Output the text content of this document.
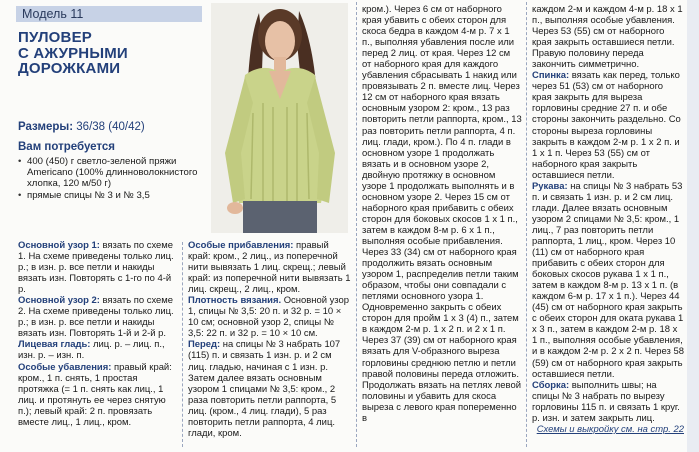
Модель 11
ПУЛОВЕР
С АЖУРНЫМИ
ДОРОЖКАМИ
Размеры: 36/38 (40/42)
Вам потребуется
• 400 (450) г светло-зеленой пряжи Americano (100% длинноволокнистого хлопка, 120 м/50 г)
• прямые спицы № 3 и № 3,5

Основной узор 1: вязать по схеме 1. На схеме приведены только лиц. р.; в изн. р. все петли и накиды вязать изн. Повторять с 1-го по 4-й р.

Основной узор 2: вязать по схеме 2. На схеме приведены только лиц. р.; в изн. р. все петли и накиды вязать изн. Повторять 1-й и 2-й р.

Лицевая гладь: лиц. р. – лиц. п., изн. р. – изн. п.

Особые убавления: правый край: кром., 1 п. снять, 1 простая протяжка (= 1 п. снять как лиц., 1 лиц. и протянуть ее через снятую п.); левый край: 2 п. провязать вместе лиц., 1 лиц., кром.

Особые прибавления: правый край: кром., 2 лиц., из поперечной нити вывязать 1 лиц. скрещ.; левый край: из поперечной нити вывязать 1 лиц. скрещ., 2 лиц., кром.

Плотность вязания. Основной узор 1, спицы № 3,5: 20 п. и 32 р. = 10 × 10 см; основной узор 2, спицы № 3,5: 22 п. и 32 р. = 10 × 10 см.

Перед: на спицы № 3 набрать 107 (115) п. и связать 1 изн. р. и 2 см лиц. гладью, начиная с 1 изн. р. Затем далее вязать основным узором 1 спицами № 3,5: кром., 2 раза повторить петли раппорта, 5 лиц. (кром., 4 лиц. глади), 5 раз повторить петли раппорта, 4 лиц. глади, кром.

кром.). Через 6 см от наборного края убавить с обеих сторон для скоса бедра в каждом 4-м р. 7 х 1 п., выполняя убавления после или перед 2 лиц. от края. Через 12 см от наборного края для каждого убавления сбрасывать 1 накид или провязывать 2 п. вместе лиц. Через 12 см от наборного края вязать основным узором 2: кром., 13 раз повторить петли раппорта, кром., 13 раз повторить петли раппорта, 4 п. лиц. глади, кром.). По 4 п. глади в основном узоре 1 продолжать вязать и в основном узоре 2, двойную протяжку в основном узоре 1 продолжать выполнять и в основном узоре 2. Через 15 см от наборного края прибавить с обеих сторон для боковых скосов 1 х 1 п., затем в каждом 8-м р. 6 х 1 п., выполняя особые прибавления. Через 33 (34) см от наборного края продолжить вязать основным узором 1, распределив петли таким образом, чтобы они совпадали с петлями основного узора 1. Одновременно закрыть с обеих сторон для пройм 1 х 3 (4) п., затем в каждом 2-м р. 1 х 2 п. и 2 х 1 п. Через 37 (39) см от наборного края вязать для V-образного выреза горловины среднюю петлю и петли правой половины переда отложить. Продолжать вязать на петлях левой половины и убавить для скоса выреза с левого края попеременно в

каждом 2-м и каждом 4-м р. 18 х 1 п., выполняя особые убавления. Через 53 (55) см от наборного края закрыть оставшиеся петли. Правую половину переда закончить симметрично.

Спинка: вязать как перед, только через 51 (53) см от наборного края закрыть для выреза горловины средние 27 п. и обе стороны закончить раздельно. Со стороны выреза горловины закрыть в каждом 2-м р. 1 х 2 п. и 1 х 1 п. Через 53 (55) см от наборного края закрыть оставшиеся петли.

Рукава: на спицы № 3 набрать 53 п. и связать 1 изн. р. и 2 см лиц. глади. Далее вязать основным узором 2 спицами № 3,5: кром., 1 лиц., 7 раз повторить петли раппорта, 1 лиц., кром. Через 10 (11) см от наборного края прибавить с обеих сторон для боковых скосов рукава 1 х 1 п., затем в каждом 8-м р. 13 х 1 п. (в каждом 6-м р. 17 х 1 п.). Через 44 (45) см от наборного края закрыть с обеих сторон для оката рукава 1 х 3 п., затем в каждом 2-м р. 18 х 1 п., выполняя особые убавления, и в каждом 2-м р. 2 х 2 п. Через 58 (59) см от наборного края закрыть оставшиеся петли.

Сборка: выполнить швы; на спицы № 3 набрать по вырезу горловины 115 п. и связать 1 круг. р. изн. и затем закрыть лиц.

Схемы и выкройку см. на стр. 22
